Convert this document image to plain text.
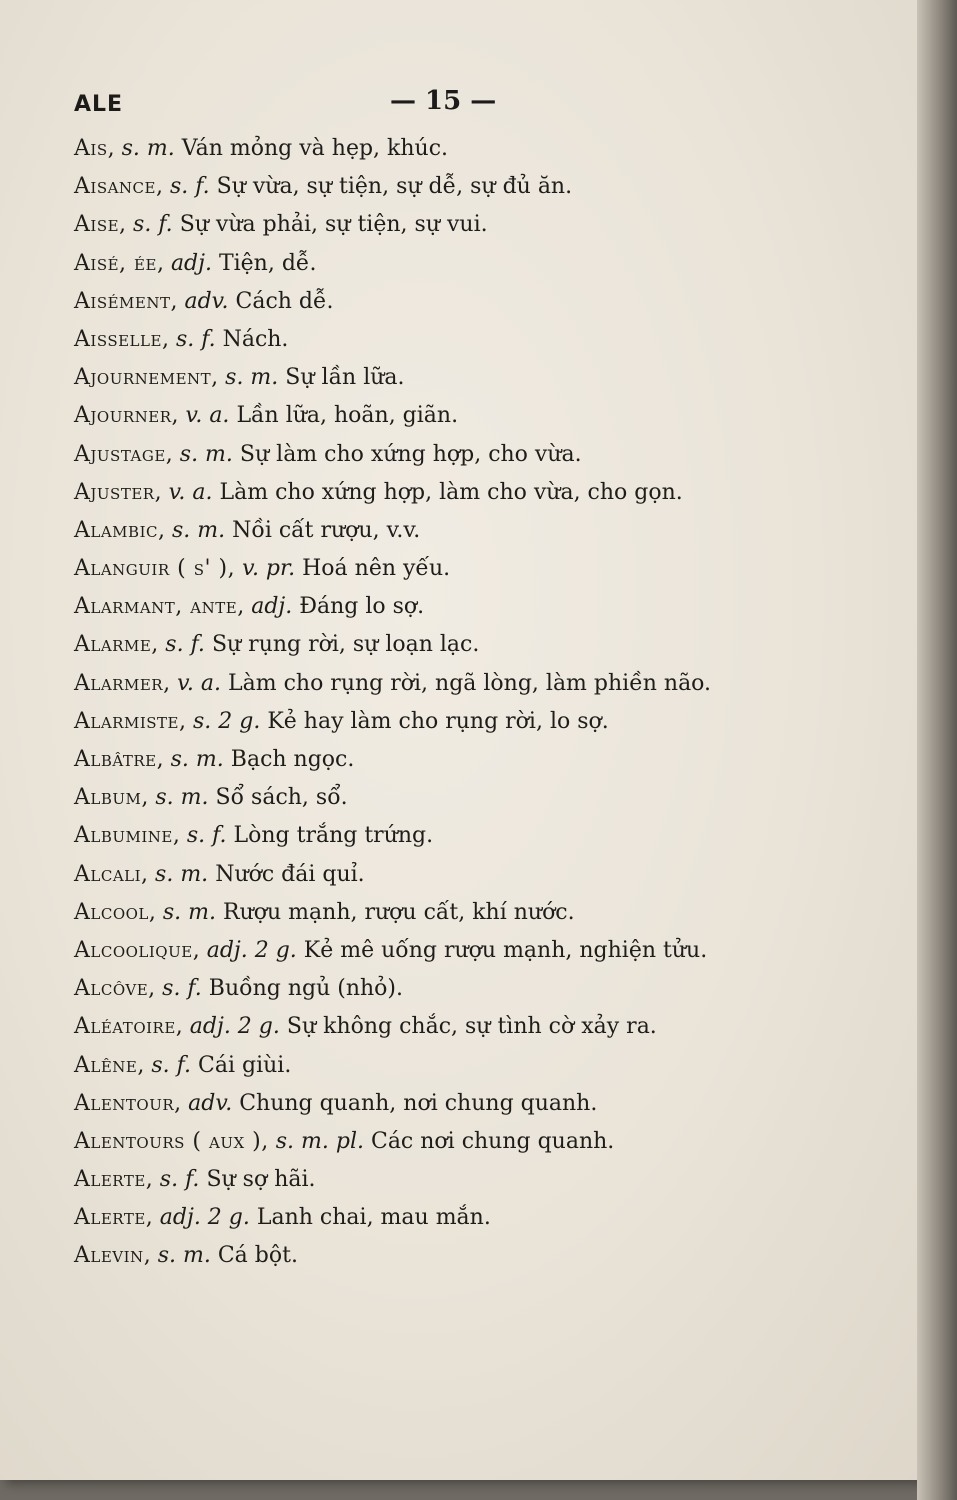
ALE	— 15 —
Ais, s. m. Ván mỏng và hẹp, khúc.
Aisance, s. f. Sự vừa, sự tiện, sự dễ, sự đủ ăn.
Aise, s. f. Sự vừa phải, sự tiện, sự vui.
Aisé, ée, adj. Tiện, dễ.
Aisément, adv. Cách dễ.
Aisselle, s. f. Nách.
Ajournement, s. m. Sự lần lữa.
Ajourner, v. a. Lần lữa, hoãn, giãn.
Ajustage, s. m. Sự làm cho xứng hợp, cho vừa.
Ajuster, v. a. Làm cho xứng hợp, làm cho vừa, cho gọn.
Alambic, s. m. Nồi cất rượu, v.v.
Alanguir ( s' ), v. pr. Hoá nên yếu.
Alarmant, ante, adj. Đáng lo sợ.
Alarme, s. f. Sự rụng rời, sự loạn lạc.
Alarmer, v. a. Làm cho rụng rời, ngã lòng, làm phiền não.
Alarmiste, s. 2 g. Kẻ hay làm cho rụng rời, lo sợ.
Albâtre, s. m. Bạch ngọc.
Album, s. m. Sổ sách, sổ.
Albumine, s. f. Lòng trắng trứng.
Alcali, s. m. Nước đái quỉ.
Alcool, s. m. Rượu mạnh, rượu cất, khí nước.
Alcoolique, adj. 2 g. Kẻ mê uống rượu mạnh, nghiện tửu.
Alcôve, s. f. Buồng ngủ (nhỏ).
Aléatoire, adj. 2 g. Sự không chắc, sự tình cờ xảy ra.
Alêne, s. f. Cái giùi.
Alentour, adv. Chung quanh, nơi chung quanh.
Alentours ( aux ), s. m. pl. Các nơi chung quanh.
Alerte, s. f. Sự sợ hãi.
Alerte, adj. 2 g. Lanh chai, mau mắn.
Alevin, s. m. Cá bột.
